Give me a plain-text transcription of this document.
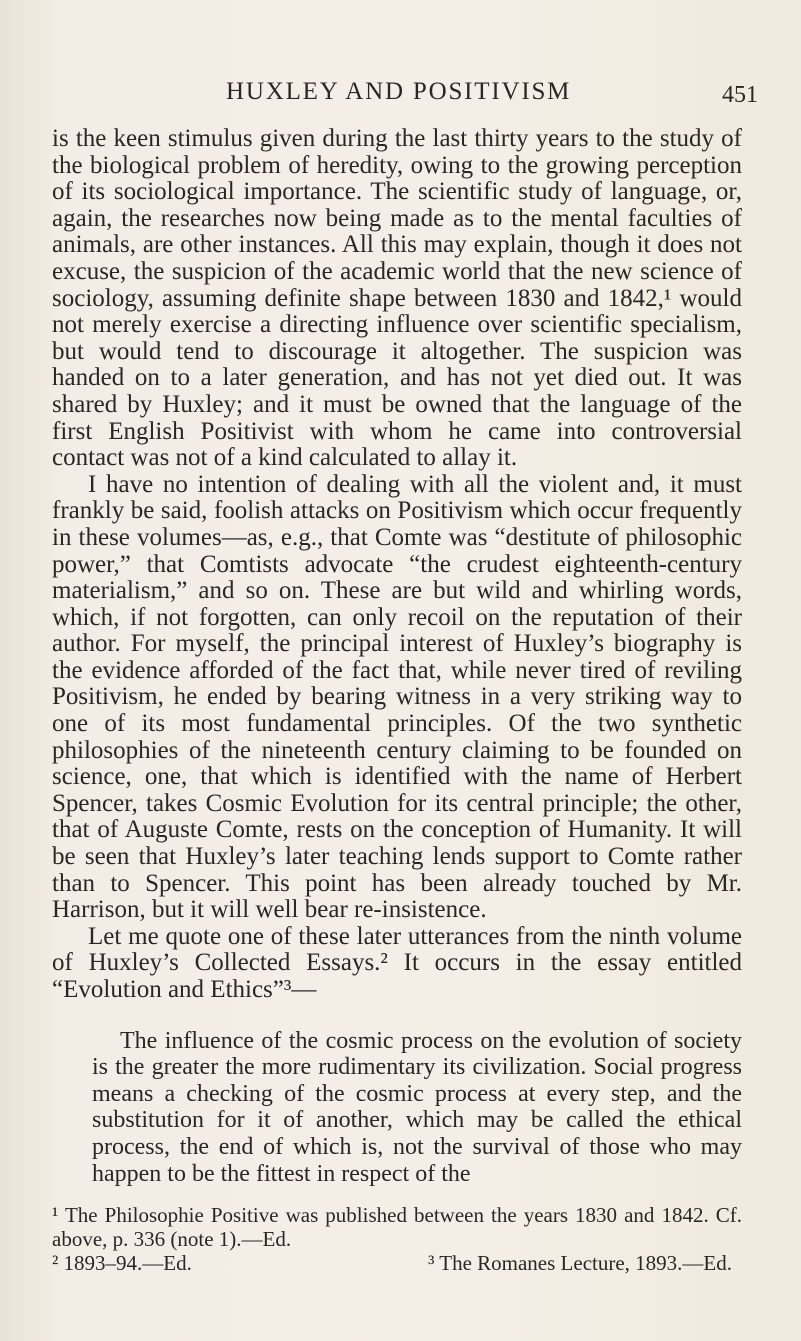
HUXLEY AND POSITIVISM	451

is the keen stimulus given during the last thirty years to the study of the biological problem of heredity, owing to the growing perception of its sociological importance. The scientific study of language, or, again, the researches now being made as to the mental faculties of animals, are other instances. All this may explain, though it does not excuse, the suspicion of the academic world that the new science of sociology, assuming definite shape between 1830 and 1842,¹ would not merely exercise a directing influence over scientific specialism, but would tend to discourage it altogether. The suspicion was handed on to a later generation, and has not yet died out. It was shared by Huxley; and it must be owned that the language of the first English Positivist with whom he came into controversial contact was not of a kind calculated to allay it.

I have no intention of dealing with all the violent and, it must frankly be said, foolish attacks on Positivism which occur frequently in these volumes—as, e.g., that Comte was “destitute of philosophic power,” that Comtists advocate “the crudest eighteenth-century materialism,” and so on. These are but wild and whirling words, which, if not forgotten, can only recoil on the reputation of their author. For myself, the principal interest of Huxley’s biography is the evidence afforded of the fact that, while never tired of reviling Positivism, he ended by bearing witness in a very striking way to one of its most fundamental principles. Of the two synthetic philosophies of the nineteenth century claiming to be founded on science, one, that which is identified with the name of Herbert Spencer, takes Cosmic Evolution for its central principle; the other, that of Auguste Comte, rests on the conception of Humanity. It will be seen that Huxley’s later teaching lends support to Comte rather than to Spencer. This point has been already touched by Mr. Harrison, but it will well bear re-insistence.

Let me quote one of these later utterances from the ninth volume of Huxley’s Collected Essays.² It occurs in the essay entitled “Evolution and Ethics”³—

The influence of the cosmic process on the evolution of society is the greater the more rudimentary its civilization. Social progress means a checking of the cosmic process at every step, and the substitution for it of another, which may be called the ethical process, the end of which is, not the survival of those who may happen to be the fittest in respect of the

¹ The Philosophie Positive was published between the years 1830 and 1842. Cf. above, p. 336 (note 1).—Ed.

² 1893–94.—Ed.	³ The Romanes Lecture, 1893.—Ed.
